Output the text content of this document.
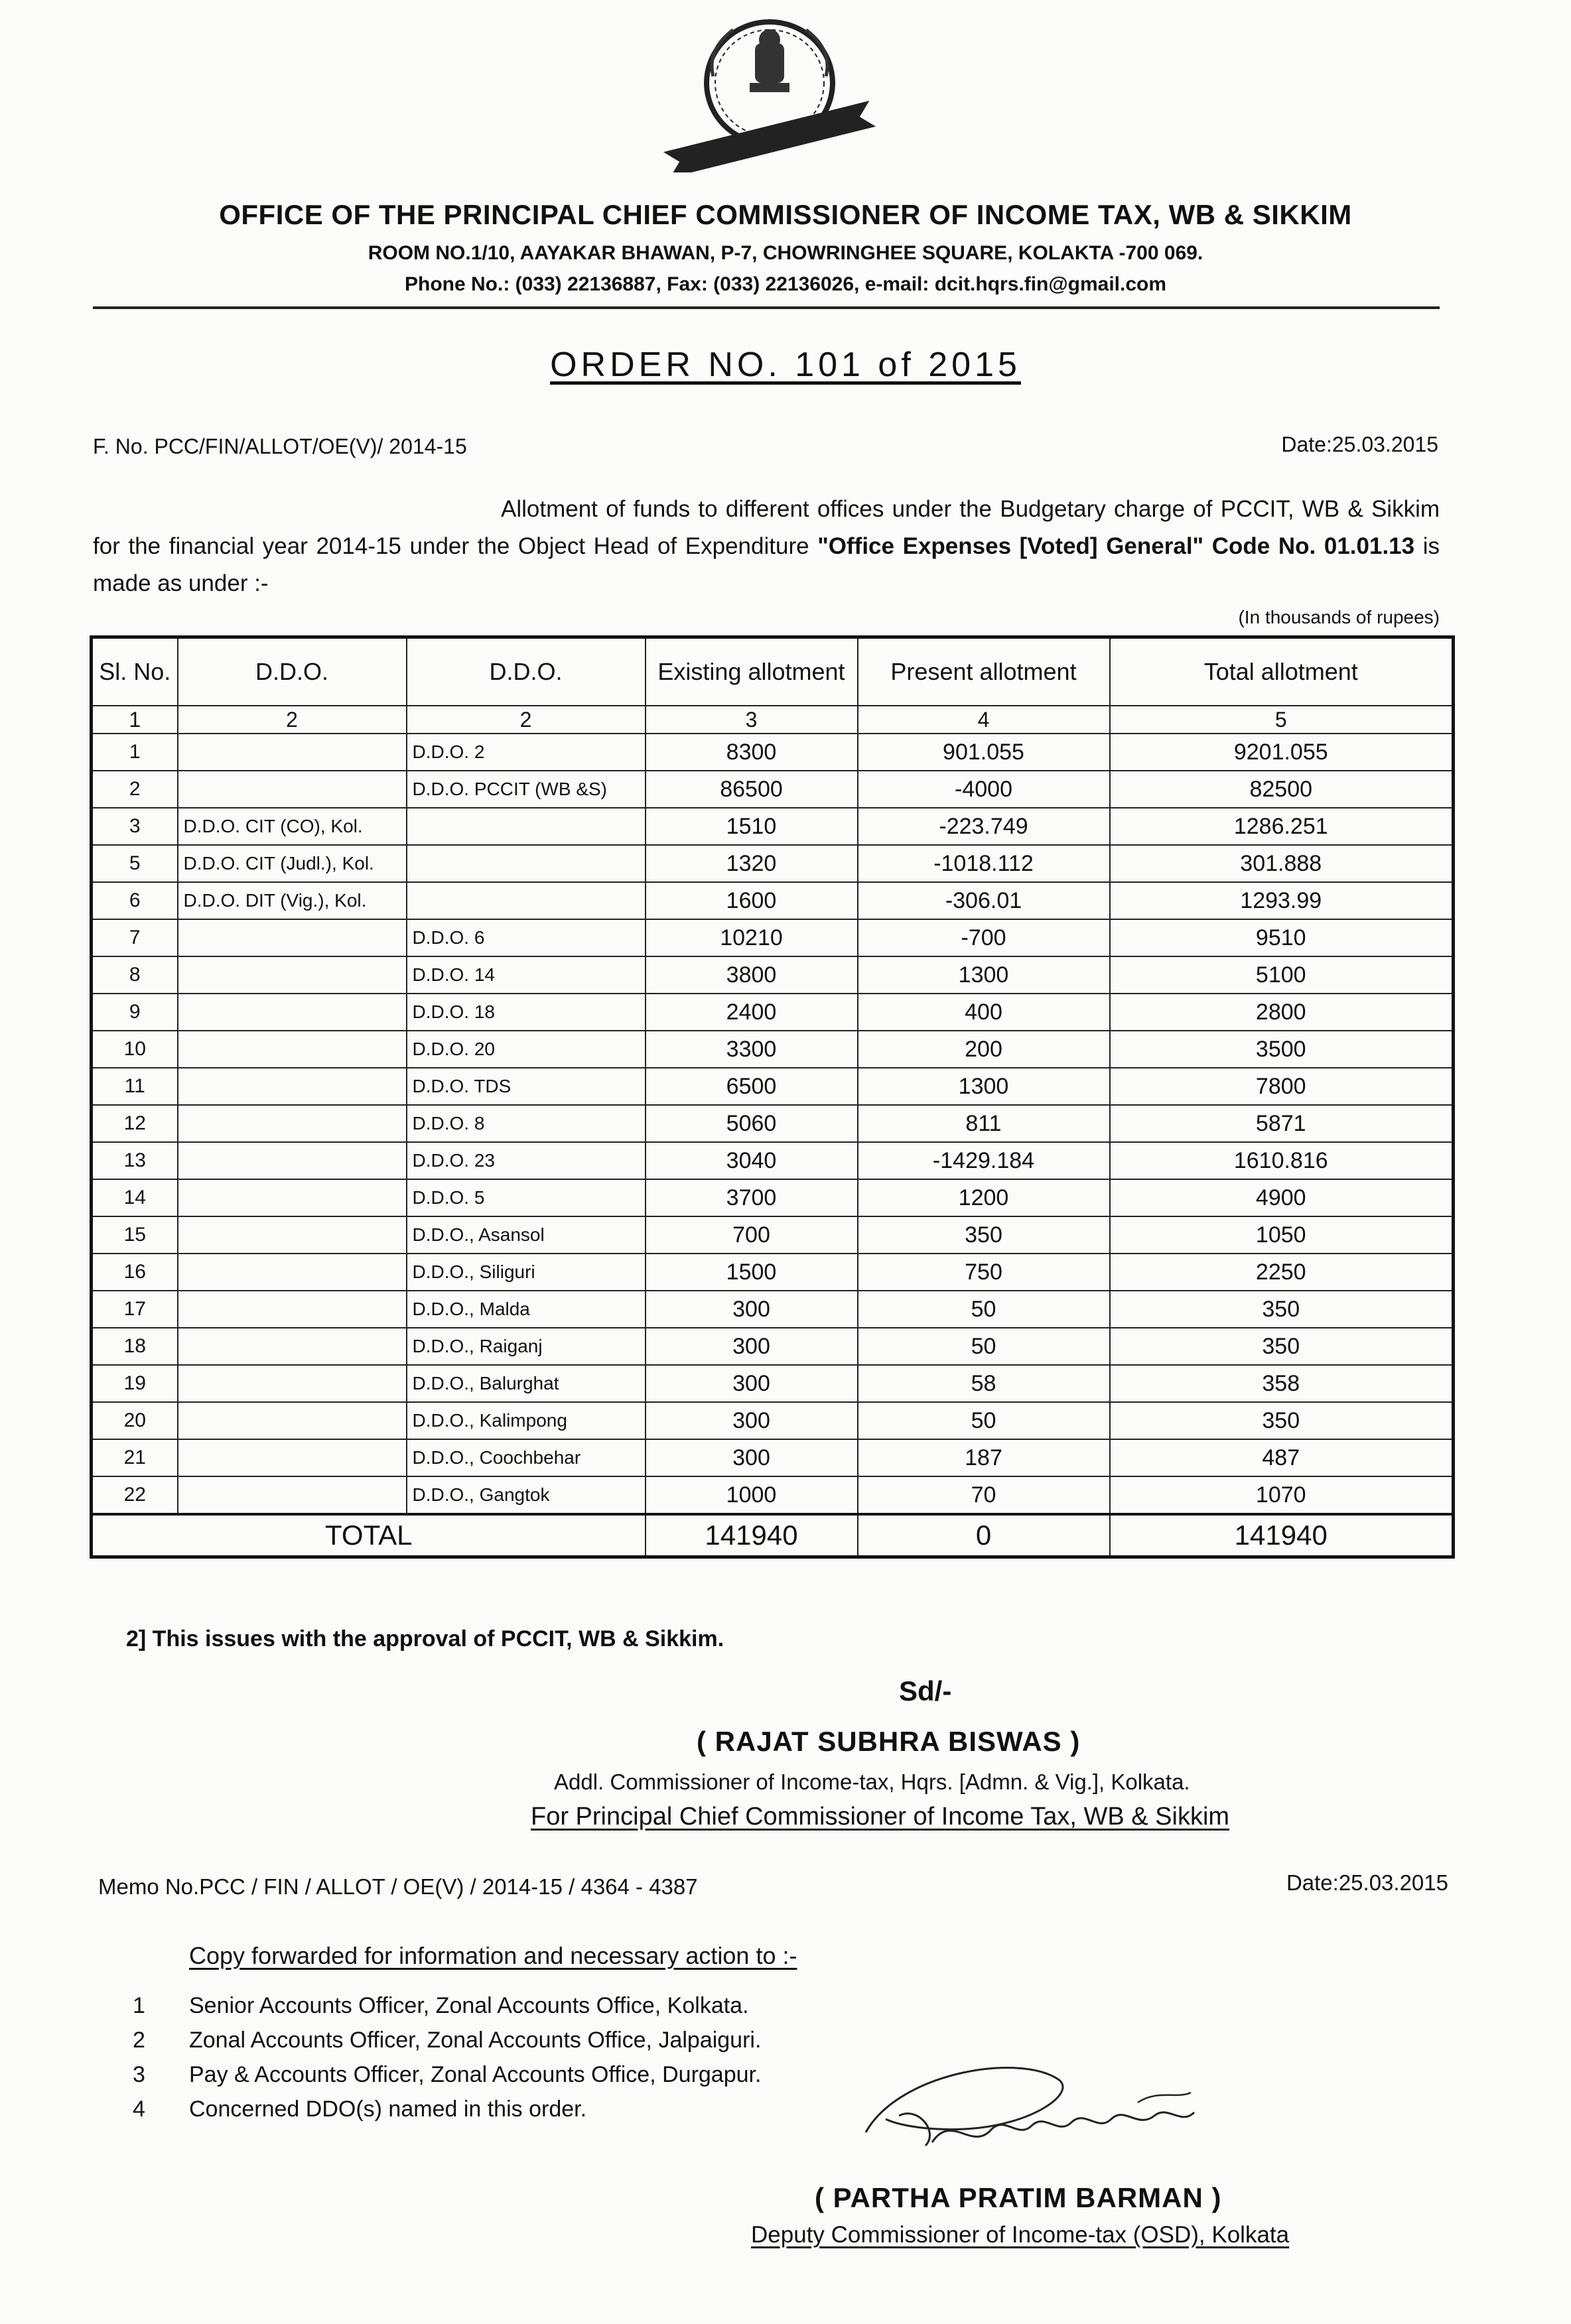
OFFICE OF THE PRINCIPAL CHIEF COMMISSIONER OF INCOME TAX, WB & SIKKIM
ROOM NO.1/10, AAYAKAR BHAWAN, P-7, CHOWRINGHEE SQUARE, KOLAKTA -700 069.
Phone No.: (033) 22136887, Fax: (033) 22136026, e-mail: dcit.hqrs.fin@gmail.com
ORDER NO. 101 of 2015
F. No. PCC/FIN/ALLOT/OE(V)/ 2014-15	Date:25.03.2015
Allotment of funds to different offices under the Budgetary charge of PCCIT, WB & Sikkim for the financial year 2014-15 under the Object Head of Expenditure "Office Expenses [Voted] General" Code No. 01.01.13 is made as under :-
(In thousands of rupees)
Sl. No.	D.D.O.	D.D.O.	Existing allotment	Present allotment	Total allotment
1	2	2	3	4	5
1		D.D.O. 2	8300	901.055	9201.055
2		D.D.O. PCCIT (WB &S)	86500	-4000	82500
3	D.D.O. CIT (CO), Kol.		1510	-223.749	1286.251
5	D.D.O. CIT (Judl.), Kol.		1320	-1018.112	301.888
6	D.D.O. DIT (Vig.), Kol.		1600	-306.01	1293.99
7		D.D.O. 6	10210	-700	9510
8		D.D.O. 14	3800	1300	5100
9		D.D.O. 18	2400	400	2800
10		D.D.O. 20	3300	200	3500
11		D.D.O. TDS	6500	1300	7800
12		D.D.O. 8	5060	811	5871
13		D.D.O. 23	3040	-1429.184	1610.816
14		D.D.O. 5	3700	1200	4900
15		D.D.O., Asansol	700	350	1050
16		D.D.O., Siliguri	1500	750	2250
17		D.D.O., Malda	300	50	350
18		D.D.O., Raiganj	300	50	350
19		D.D.O., Balurghat	300	58	358
20		D.D.O., Kalimpong	300	50	350
21		D.D.O., Coochbehar	300	187	487
22		D.D.O., Gangtok	1000	70	1070
TOTAL			141940	0	141940
2] This issues with the approval of PCCIT, WB & Sikkim.
Sd/-
( RAJAT SUBHRA BISWAS )
Addl. Commissioner of Income-tax, Hqrs. [Admn. & Vig.], Kolkata.
For Principal Chief Commissioner of Income Tax, WB & Sikkim
Memo No.PCC / FIN / ALLOT / OE(V) / 2014-15 / 4364 - 4387	Date:25.03.2015
Copy forwarded for information and necessary action to :-
1 Senior Accounts Officer, Zonal Accounts Office, Kolkata.
2 Zonal Accounts Officer, Zonal Accounts Office, Jalpaiguri.
3 Pay & Accounts Officer, Zonal Accounts Office, Durgapur.
4 Concerned DDO(s) named in this order.
( PARTHA PRATIM BARMAN )
Deputy Commissioner of Income-tax (OSD), Kolkata
